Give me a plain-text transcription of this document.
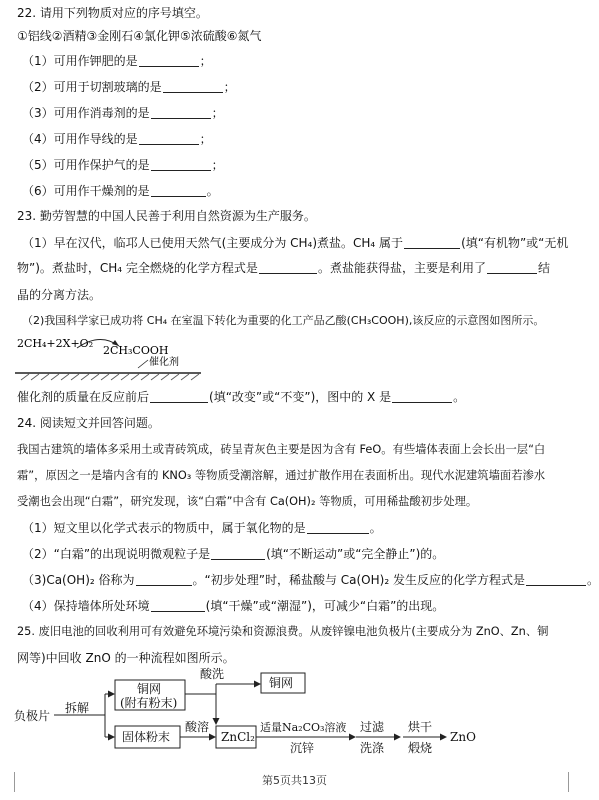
22. 请用下列物质对应的序号填空。
①铝线②酒精③金刚石④氯化钾⑤浓硫酸⑥氮气
（1）可用作钾肥的是	；
（2）可用于切割玻璃的是	；
（3）可用作消毒剂的是	；
（4）可用作导线的是	；
（5）可用作保护气的是	；
（6）可用作干燥剂的是	。
23. 勤劳智慧的中国人民善于利用自然资源为生产服务。
（1）早在汉代，临邛人已使用天然气(主要成分为 CH₄)煮盐。CH₄ 属于	(填“有机物”或“无机
物”)。煮盐时，CH₄ 完全燃烧的化学方程式是	。煮盐能获得盐，主要是利用了	结
晶的分离方法。
（2)我国科学家已成功将 CH₄ 在室温下转化为重要的化工产品乙酸(CH₃COOH),该反应的示意图如图所示。
2CH₄+2X+O₂
2CH₃COOH
催化剂
催化剂的质量在反应前后	(填“改变”或“不变”)，图中的 X 是	。
24. 阅读短文并回答问题。
我国古建筑的墙体多采用土或青砖筑成，砖呈青灰色主要是因为含有 FeO。有些墙体表面上会长出一层“白
霜”，原因之一是墙内含有的 KNO₃ 等物质受潮溶解，通过扩散作用在表面析出。现代水泥建筑墙面若渗水
受潮也会出现“白霜”，研究发现，该“白霜”中含有 Ca(OH)₂ 等物质，可用稀盐酸初步处理。
（1）短文里以化学式表示的物质中，属于氧化物的是	。
（2）“白霜”的出现说明微观粒子是	(填“不断运动”或“完全静止”)的。
（3)Ca(OH)₂ 俗称为	。“初步处理”时，稀盐酸与 Ca(OH)₂ 发生反应的化学方程式是	。
（4）保持墙体所处环境	(填“干燥”或“潮湿”)，可减少“白霜”的出现。
25. 废旧电池的回收利用可有效避免环境污染和资源浪费。从废锌镍电池负极片(主要成分为 ZnO、Zn、铜
网等)中回收 ZnO 的一种流程如图所示。
负极片
拆解
铜网
(附有粉末)
酸洗
铜网
固体粉末
酸溶
ZnCl₂
适量Na₂CO₃溶液
沉锌
过滤
洗涤
烘干
煅烧
ZnO
第5页共13页
